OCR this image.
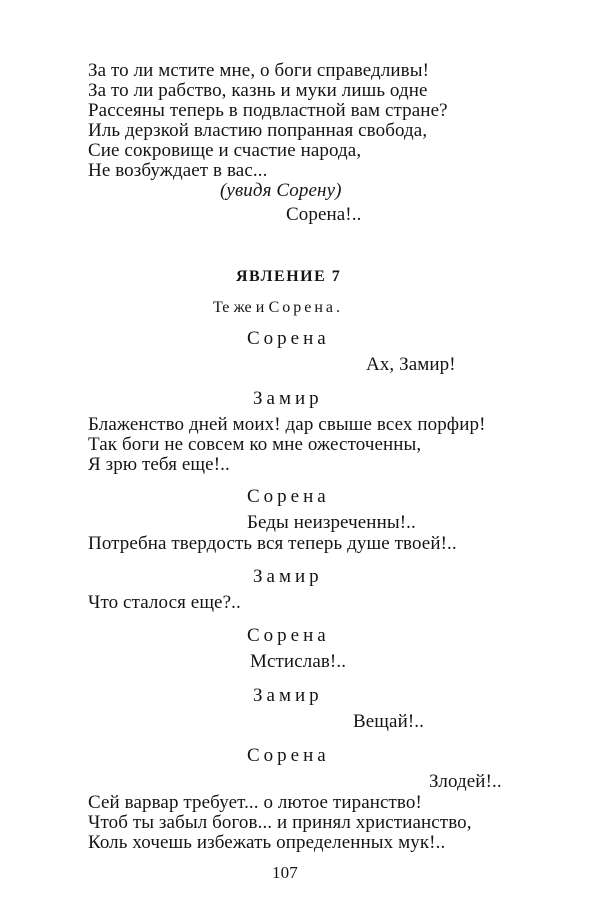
За то ли мстите мне, о боги справедливы!
За то ли рабство, казнь и муки лишь одне
Рассеяны теперь в подвластной вам стране?
Иль дерзкой властию попранная свобода,
Сие сокровище и счастие народа,
Не возбуждает в вас...
(увидя Сорену)
Сорена!..
ЯВЛЕНИЕ 7
Те же и Сорена.
Сорена
Ах, Замир!
Замир
Блаженство дней моих! дар свыше всех порфир!
Так боги не совсем ко мне ожесточенны,
Я зрю тебя еще!..
Сорена
Беды неизреченны!..
Потребна твердость вся теперь душе твоей!..
Замир
Что сталося еще?..
Сорена
Мстислав!..
Замир
Вещай!..
Сорена
Злодей!..
Сей варвар требует... о лютое тиранство!
Чтоб ты забыл богов... и принял христианство,
Коль хочешь избежать определенных мук!..
107
